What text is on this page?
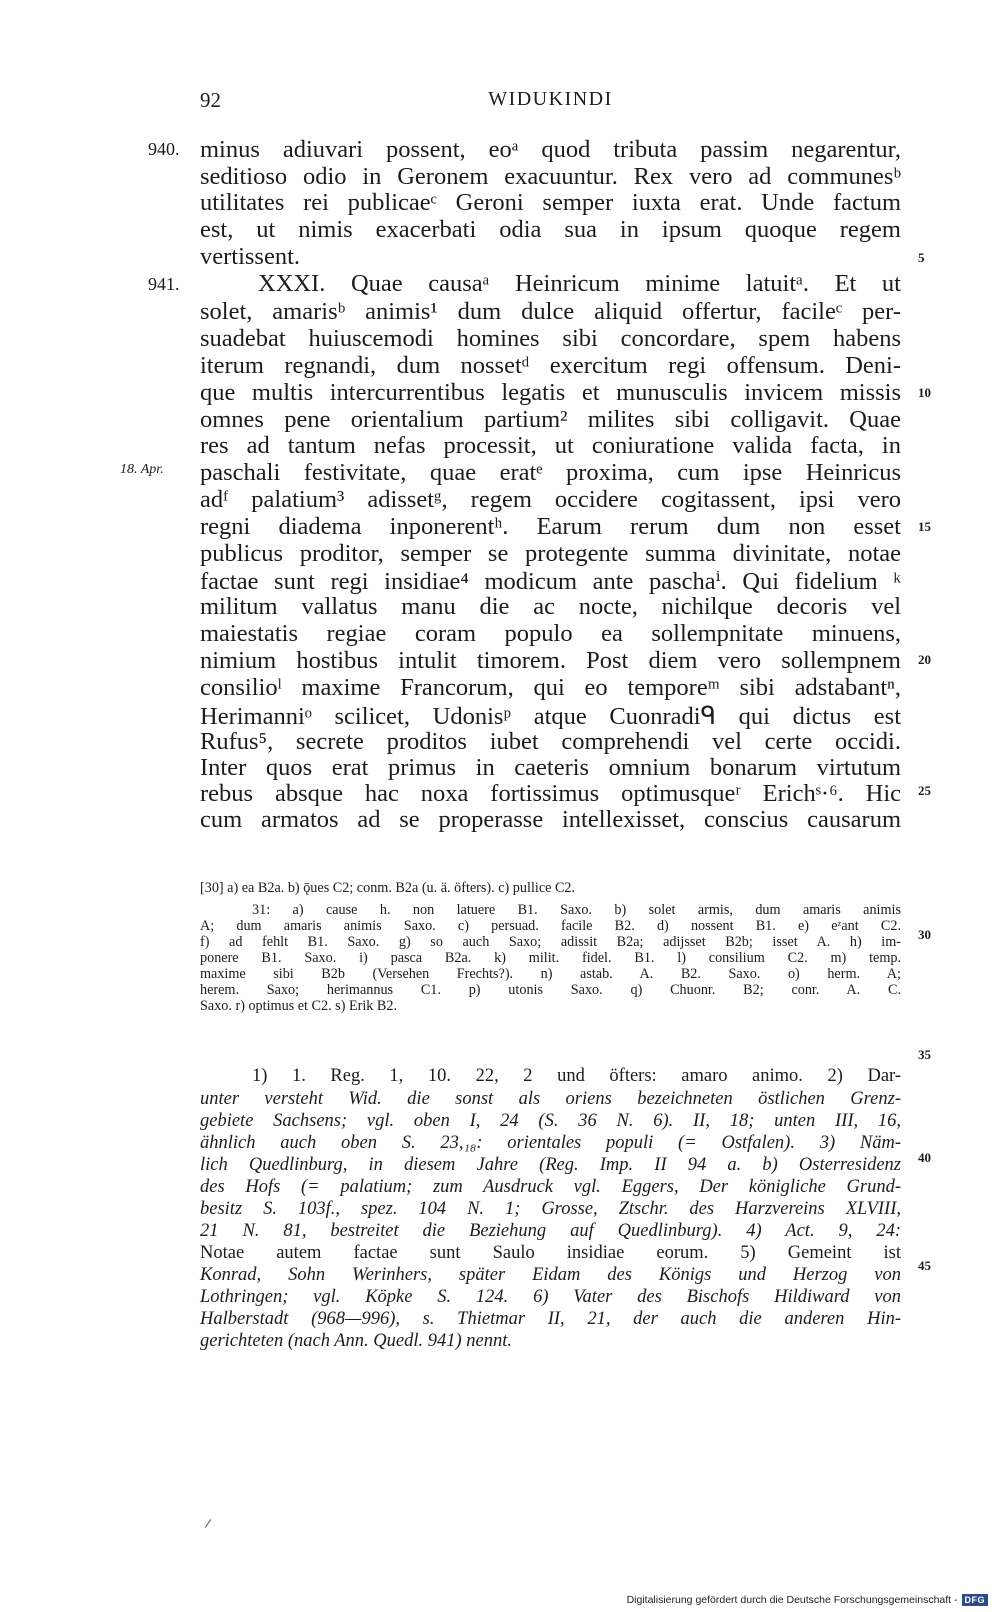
92	WIDUKINDI
940.
941.
18. Apr.
5
10
15
20
25
30
35
40
45
minus adiuvari possent, eoᵃ quod tributa passim negarentur,
seditioso odio in Geronem exacuuntur. Rex vero ad communesᵇ
utilitates rei publicaeᶜ Geroni semper iuxta erat. Unde factum
est, ut nimis exacerbati odia sua in ipsum quoque regem
vertissent.
XXXI. Quae causaᵃ Heinricum minime latuitᵃ. Et ut
solet, amarisᵇ animis¹ dum dulce aliquid offertur, facileᶜ per-
suadebat huiuscemodi homines sibi concordare, spem habens
iterum regnandi, dum nossetᵈ exercitum regi offensum. Deni-
que multis intercurrentibus legatis et munusculis invicem missis
omnes pene orientalium partium² milites sibi colligavit. Quae
res ad tantum nefas processit, ut coniuratione valida facta, in
paschali festivitate, quae eratᵉ proxima, cum ipse Heinricus
adᶠ palatium³ adissetᵍ, regem occidere cogitassent, ipsi vero
regni diadema inponerentʰ. Earum rerum dum non esset
publicus proditor, semper se protegente summa divinitate, notae
factae sunt regi insidiae⁴ modicum ante paschaⁱ. Qui fidelium ᵏ
militum vallatus manu die ac nocte, nichilque decoris vel
maiestatis regiae coram populo ea sollempnitate minuens,
nimium hostibus intulit timorem. Post diem vero sollempnem
consilioˡ maxime Francorum, qui eo temporeᵐ sibi adstabantⁿ,
Herimanniᵒ scilicet, Udonisᵖ atque Cuonradiᑫ qui dictus est
Rufus⁵, secrete proditos iubet comprehendi vel certe occidi.
Inter quos erat primus in caeteris omnium bonarum virtutum
rebus absque hac noxa fortissimus optimusqueʳ Erichˢ·⁶. Hic
cum armatos ad se properasse intellexisset, conscius causarum
[30] a) ea B2a. b) ǭues C2; conm. B2a (u. ä. öfters). c) pullice C2.
31: a) cause h. non latuere B1. Saxo. b) solet armis, dum amaris animis
A; dum amaris animis Saxo. c) persuad. facile B2. d) nossent B1. e) eᶻant C2.
f) ad fehlt B1. Saxo. g) so auch Saxo; adissit B2a; adijsset B2b; isset A. h) im-
ponere B1. Saxo. i) pasca B2a. k) milit. fidel. B1. l) consilium C2. m) temp.
maxime sibi B2b (Versehen Frechts?). n) astab. A. B2. Saxo. o) herm. A;
herem. Saxo; herimannus C1. p) utonis Saxo. q) Chuonr. B2; conr. A. C.
Saxo. r) optimus et C2. s) Erik B2.
1) 1. Reg. 1, 10. 22, 2 und öfters: amaro animo. 2) Dar-
unter versteht Wid. die sonst als oriens bezeichneten östlichen Grenz-
gebiete Sachsens; vgl. oben I, 24 (S. 36 N. 6). II, 18; unten III, 16,
ähnlich auch oben S. 23,₁₈: orientales populi (= Ostfalen). 3) Näm-
lich Quedlinburg, in diesem Jahre (Reg. Imp. II 94 a. b) Osterresidenz
des Hofs (= palatium; zum Ausdruck vgl. Eggers, Der königliche Grund-
besitz S. 103f., spez. 104 N. 1; Grosse, Ztschr. des Harzvereins XLVIII,
21 N. 81, bestreitet die Beziehung auf Quedlinburg). 4) Act. 9, 24:
Notae autem factae sunt Saulo insidiae eorum. 5) Gemeint ist
Konrad, Sohn Werinhers, später Eidam des Königs und Herzog von
Lothringen; vgl. Köpke S. 124. 6) Vater des Bischofs Hildiward von
Halberstadt (968—996), s. Thietmar II, 21, der auch die anderen Hin-
gerichteten (nach Ann. Quedl. 941) nennt.
Digitalisierung gefördert durch die Deutsche Forschungsgemeinschaft - DFG
